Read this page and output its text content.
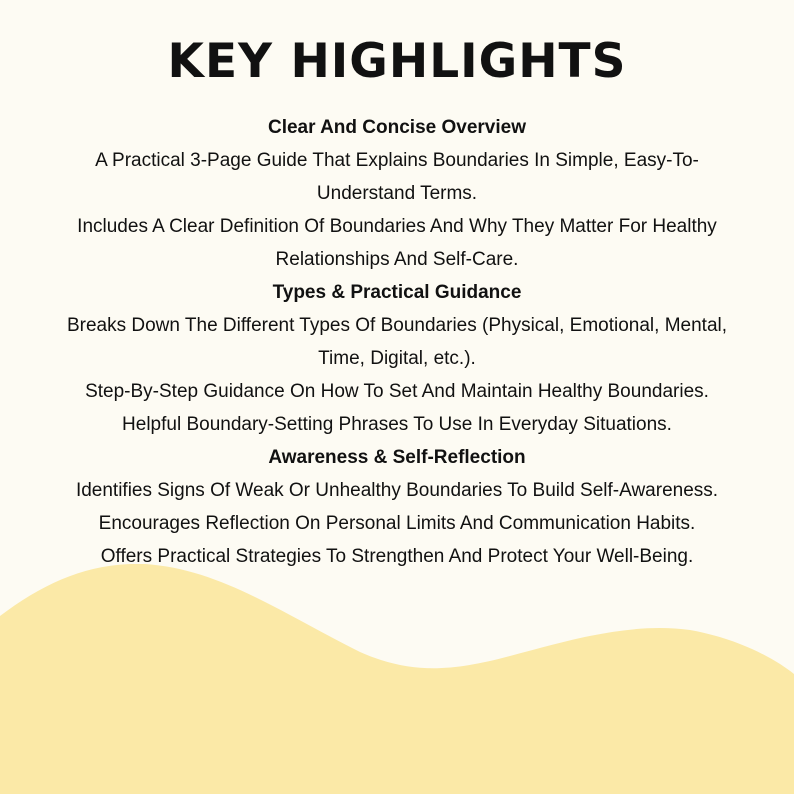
KEY HIGHLIGHTS

Clear And Concise Overview

A Practical 3-Page Guide That Explains Boundaries In Simple, Easy-To-

Understand Terms.

Includes A Clear Definition Of Boundaries And Why They Matter For Healthy

Relationships And Self-Care.

Types & Practical Guidance

Breaks Down The Different Types Of Boundaries (Physical, Emotional, Mental,

Time, Digital, etc.).

Step-By-Step Guidance On How To Set And Maintain Healthy Boundaries.

Helpful Boundary-Setting Phrases To Use In Everyday Situations.

Awareness & Self-Reflection

Identifies Signs Of Weak Or Unhealthy Boundaries To Build Self-Awareness.

Encourages Reflection On Personal Limits And Communication Habits.

Offers Practical Strategies To Strengthen And Protect Your Well-Being.
